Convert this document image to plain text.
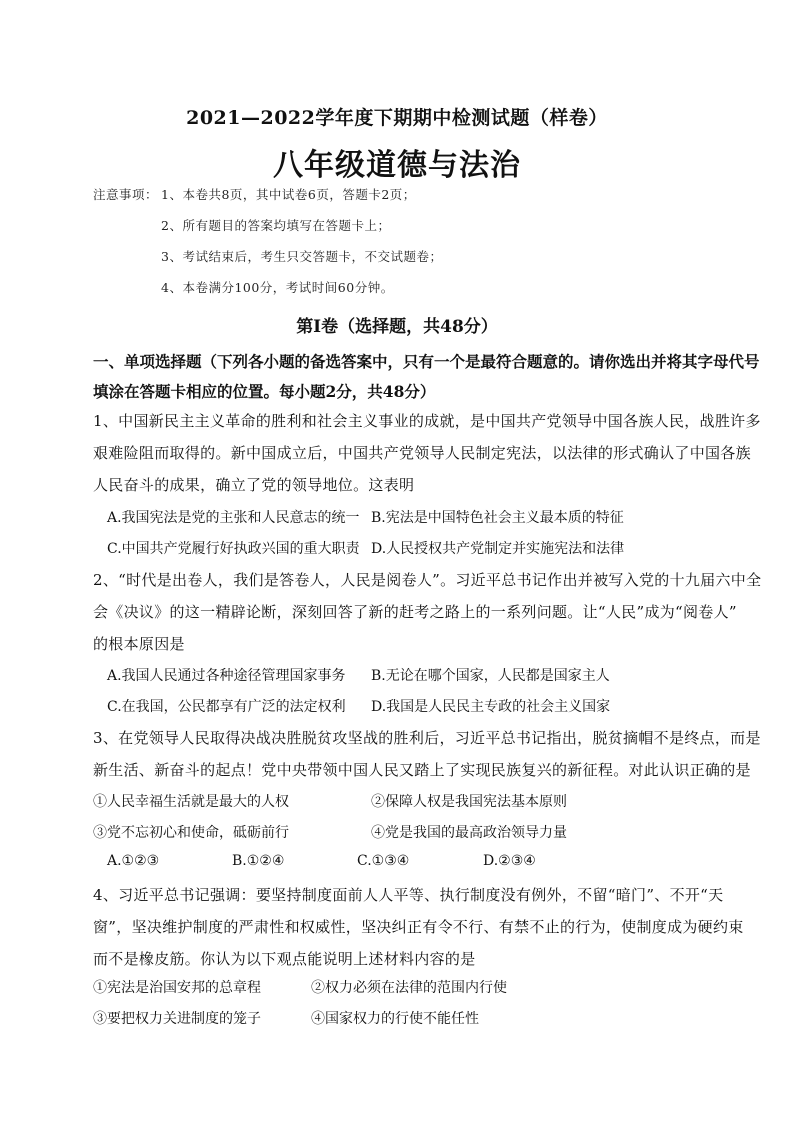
2021—2022学年度下期期中检测试题（样卷）
八年级道德与法治
注意事项： 1、本卷共8页，其中试卷6页，答题卡2页；
2、所有题目的答案均填写在答题卡上；
3、考试结束后，考生只交答题卡，不交试题卷；
4、本卷满分100分，考试时间60分钟。
第Ⅰ卷（选择题，共48分）
一、单项选择题（下列各小题的备选答案中，只有一个是最符合题意的。请你选出并将其字母代号
填涂在答题卡相应的位置。每小题2分，共48分）
1、中国新民主主义革命的胜利和社会主义事业的成就，是中国共产党领导中国各族人民，战胜许多
艰难险阻而取得的。新中国成立后，中国共产党领导人民制定宪法，以法律的形式确认了中国各族
人民奋斗的成果，确立了党的领导地位。这表明
A.我国宪法是党的主张和人民意志的统一 B.宪法是中国特色社会主义最本质的特征
C.中国共产党履行好执政兴国的重大职责 D.人民授权共产党制定并实施宪法和法律
2、“时代是出卷人，我们是答卷人，人民是阅卷人”。习近平总书记作出并被写入党的十九届六中全
会《决议》的这一精辟论断，深刻回答了新的赶考之路上的一系列问题。让“人民”成为“阅卷人”
的根本原因是
A.我国人民通过各种途径管理国家事务 B.无论在哪个国家，人民都是国家主人
C.在我国，公民都享有广泛的法定权利 D.我国是人民民主专政的社会主义国家
3、在党领导人民取得决战决胜脱贫攻坚战的胜利后，习近平总书记指出，脱贫摘帽不是终点，而是
新生活、新奋斗的起点！党中央带领中国人民又踏上了实现民族复兴的新征程。对此认识正确的是
①人民幸福生活就是最大的人权	②保障人权是我国宪法基本原则
③党不忘初心和使命，砥砺前行	④党是我国的最高政治领导力量
A.①②③	B.①②④	C.①③④	D.②③④
4、习近平总书记强调：要坚持制度面前人人平等、执行制度没有例外，不留“暗门”、不开“天
窗”，坚决维护制度的严肃性和权威性，坚决纠正有令不行、有禁不止的行为，使制度成为硬约束
而不是橡皮筋。你认为以下观点能说明上述材料内容的是
①宪法是治国安邦的总章程	②权力必须在法律的范围内行使
③要把权力关进制度的笼子	④国家权力的行使不能任性
